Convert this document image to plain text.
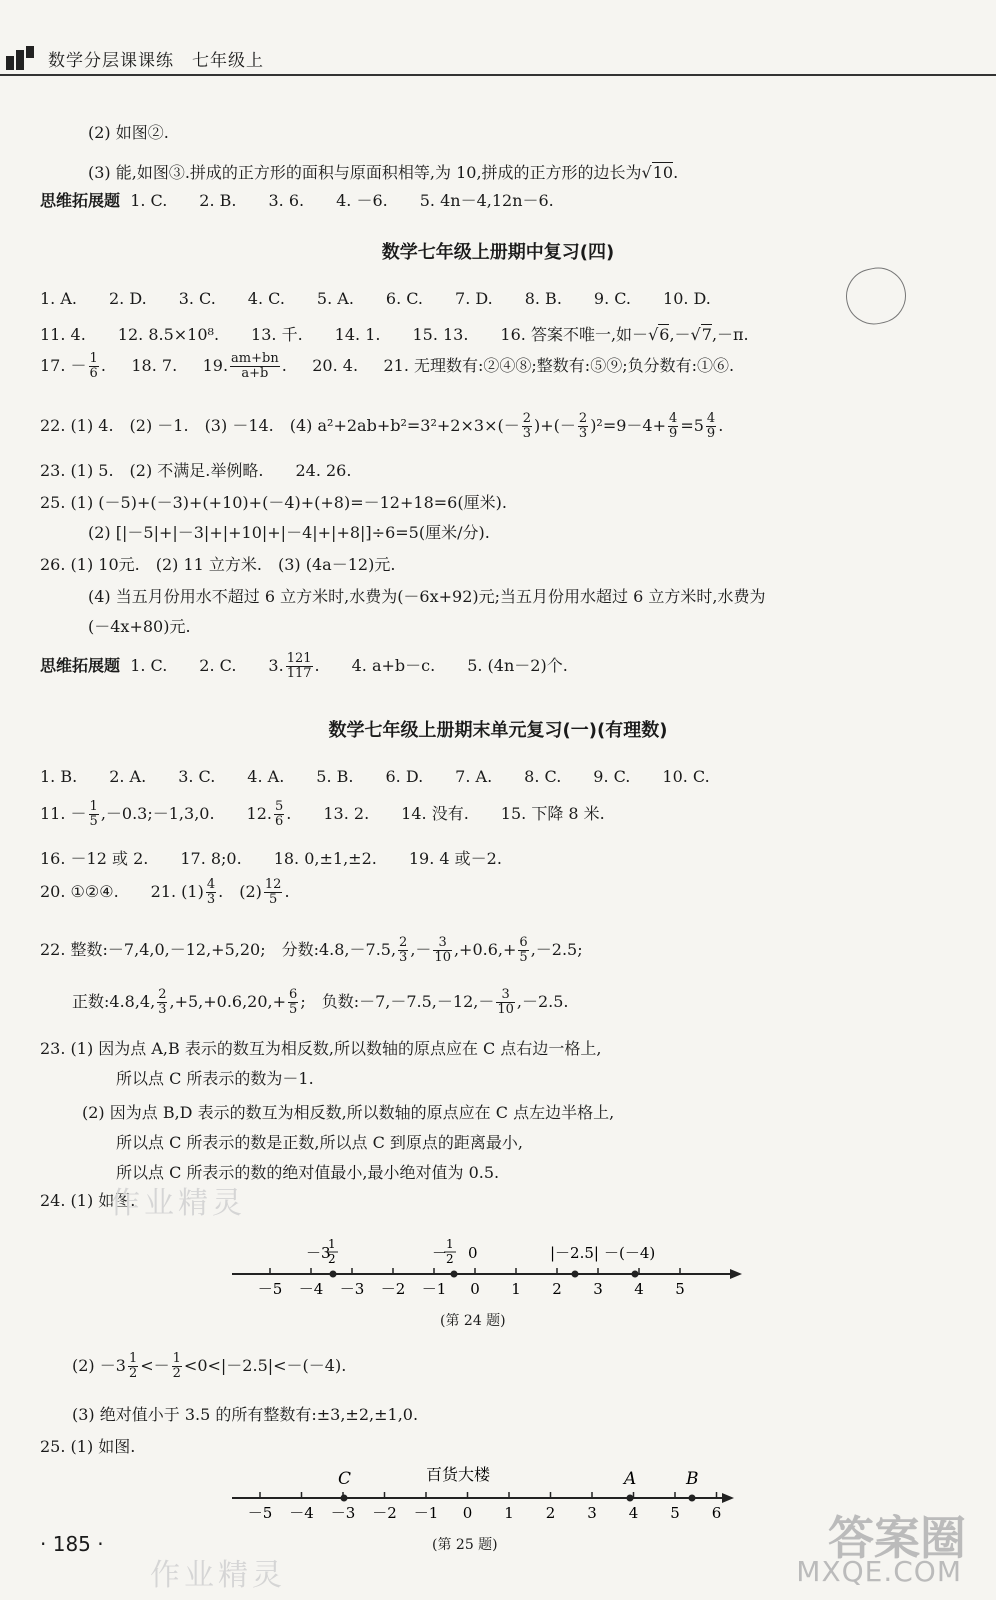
数学分层课课练　七年级上
(2) 如图②.
(3) 能,如图③.拼成的正方形的面积与原面积相等,为 10,拼成的正方形的边长为√10.
思维拓展题 1. C.　　2. B.　　3. 6.　　4. －6.　　5. 4n－4,12n－6.
数学七年级上册期中复习(四)
1. A.　　2. D.　　3. C.　　4. C.　　5. A.　　6. C.　　7. D.　　8. B.　　9. C.　　10. D.
11. 4.　　12. 8.5×10⁸.　　13. 千.　　14. 1.　　15. 13.　　16. 答案不唯一,如－√6,－√7,－π.
17. － $\frac{1}{6}$ . 18. 7. 19. $\frac{am+bn}{a+b}$ . 20. 4. 21. 无理数有:②④⑧;整数有:⑤⑨;负分数有:①⑥.
22. (1) 4.　(2) －1.　(3) －14.　(4) $a^2+2ab+b^2=3^2+2\times 3\times(- \frac{2}{3}$ )+(－ $\frac{2}{3} )^2=9-4+ \frac{4}{9} =5 \frac{4}{9}$ .
23. (1) 5.　(2) 不满足.举例略.　　24. 26.
25. (1) (－5)+(－3)+(+10)+(－4)+(+8)=－12+18=6(厘米).
(2) [|－5|+|－3|+|+10|+|－4|+|+8|]÷6=5(厘米/分).
26. (1) 10元.　(2) 11 立方米.　(3) (4a－12)元.
(4) 当五月份用水不超过 6 立方米时,水费为(－6x+92)元;当五月份用水超过 6 立方米时,水费为
(－4x+80)元.
思维拓展题 1. C.　　2. C.　　3. $\frac{121}{117}$ .　　4. a+b－c.　　5. (4n－2)个.
数学七年级上册期末单元复习(一)(有理数)
1. B.　　2. A.　　3. C.　　4. A.　　5. B.　　6. D.　　7. A.　　8. C.　　9. C.　　10. C.
11. － $\frac{1}{5}$ ,－0.3;－1,3,0.　　12. $\frac{5}{6}$ .　　13. 2.　　14. 没有.　　15. 下降 8 米.
16. －12 或 2.　　17. 8;0.　　18. 0,±1,±2.　　19. 4 或－2.
20. ①②④.　　21. $(1) \frac{4}{3}$ .　$(2) \frac{12}{5}$ .
22. 整数:－7,4,0,－12,+5,20;　分数:4.8,－7.5, $\frac{2}{3}$ ,－ $\frac{3}{10} ,+0.6,+ \frac{6}{5} ,-2.5$;
正数:4.8,4, $\frac{2}{3} ,+5,+0.6,20,+ \frac{6}{5}$ ;　负数:－7,－7.5,－12,－ $\frac{3}{10} ,-2.5$.
23. (1) 因为点 A,B 表示的数互为相反数,所以数轴的原点应在 C 点右边一格上,
所以点 C 所表示的数为－1.
(2) 因为点 B,D 表示的数互为相反数,所以数轴的原点应在 C 点左边半格上,
所以点 C 所表示的数是正数,所以点 C 到原点的距离最小,
所以点 C 所表示的数的绝对值最小,最小绝对值为 0.5.
24. (1) 如图.
作业精灵
－5 －4 －3 －2 －1 0 1 2 3 4 5
－3
1
2	－
1
2 0	|－2.5| －(－4)
(第 24 题)
$(2) -3 \frac{1}{2} <- \frac{1}{2} <0<|-2.5|<-(-4)$.
(3) 绝对值小于 3.5 的所有整数有:±3,±2,±1,0.
25. (1) 如图.
－5 －4 －3 －2 －1 0 1 2 3 4 5 6
C	百货大楼	A	B
(第 25 题)
· 185 ·
作业精灵
答案圈
MXQE.COM
